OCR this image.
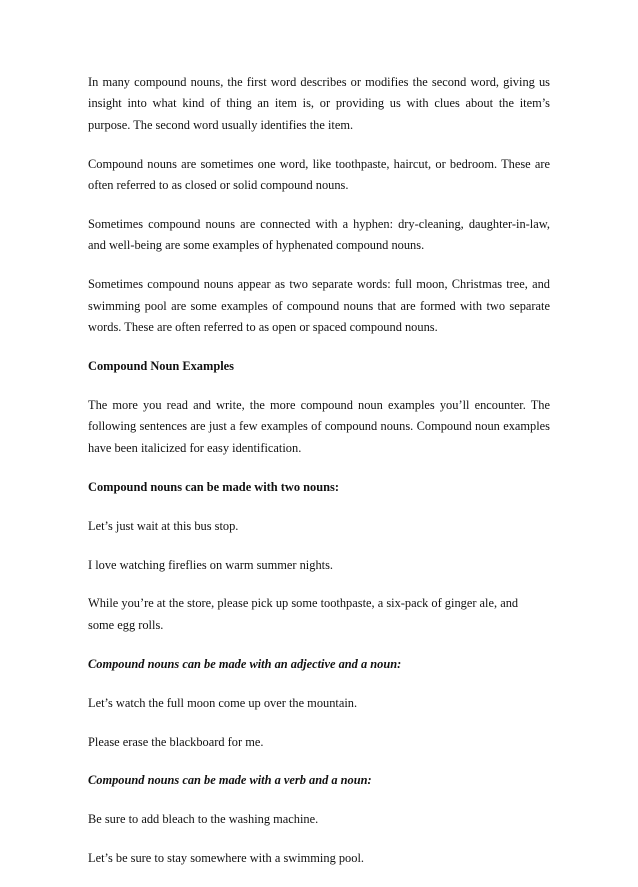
In many compound nouns, the first word describes or modifies the second word, giving us insight into what kind of thing an item is, or providing us with clues about the item’s purpose. The second word usually identifies the item.

Compound nouns are sometimes one word, like toothpaste, haircut, or bedroom. These are often referred to as closed or solid compound nouns.

Sometimes compound nouns are connected with a hyphen: dry-cleaning, daughter-in-law, and well-being are some examples of hyphenated compound nouns.

Sometimes compound nouns appear as two separate words: full moon, Christmas tree, and swimming pool are some examples of compound nouns that are formed with two separate words. These are often referred to as open or spaced compound nouns.

Compound Noun Examples

The more you read and write, the more compound noun examples you’ll encounter. The following sentences are just a few examples of compound nouns. Compound noun examples have been italicized for easy identification.

Compound nouns can be made with two nouns:

Let’s just wait at this bus stop.

I love watching fireflies on warm summer nights.

While you’re at the store, please pick up some toothpaste, a six-pack of ginger ale, and some egg rolls.

Compound nouns can be made with an adjective and a noun:

Let’s watch the full moon come up over the mountain.

Please erase the blackboard for me.

Compound nouns can be made with a verb and a noun:

Be sure to add bleach to the washing machine.

Let’s be sure to stay somewhere with a swimming pool.
